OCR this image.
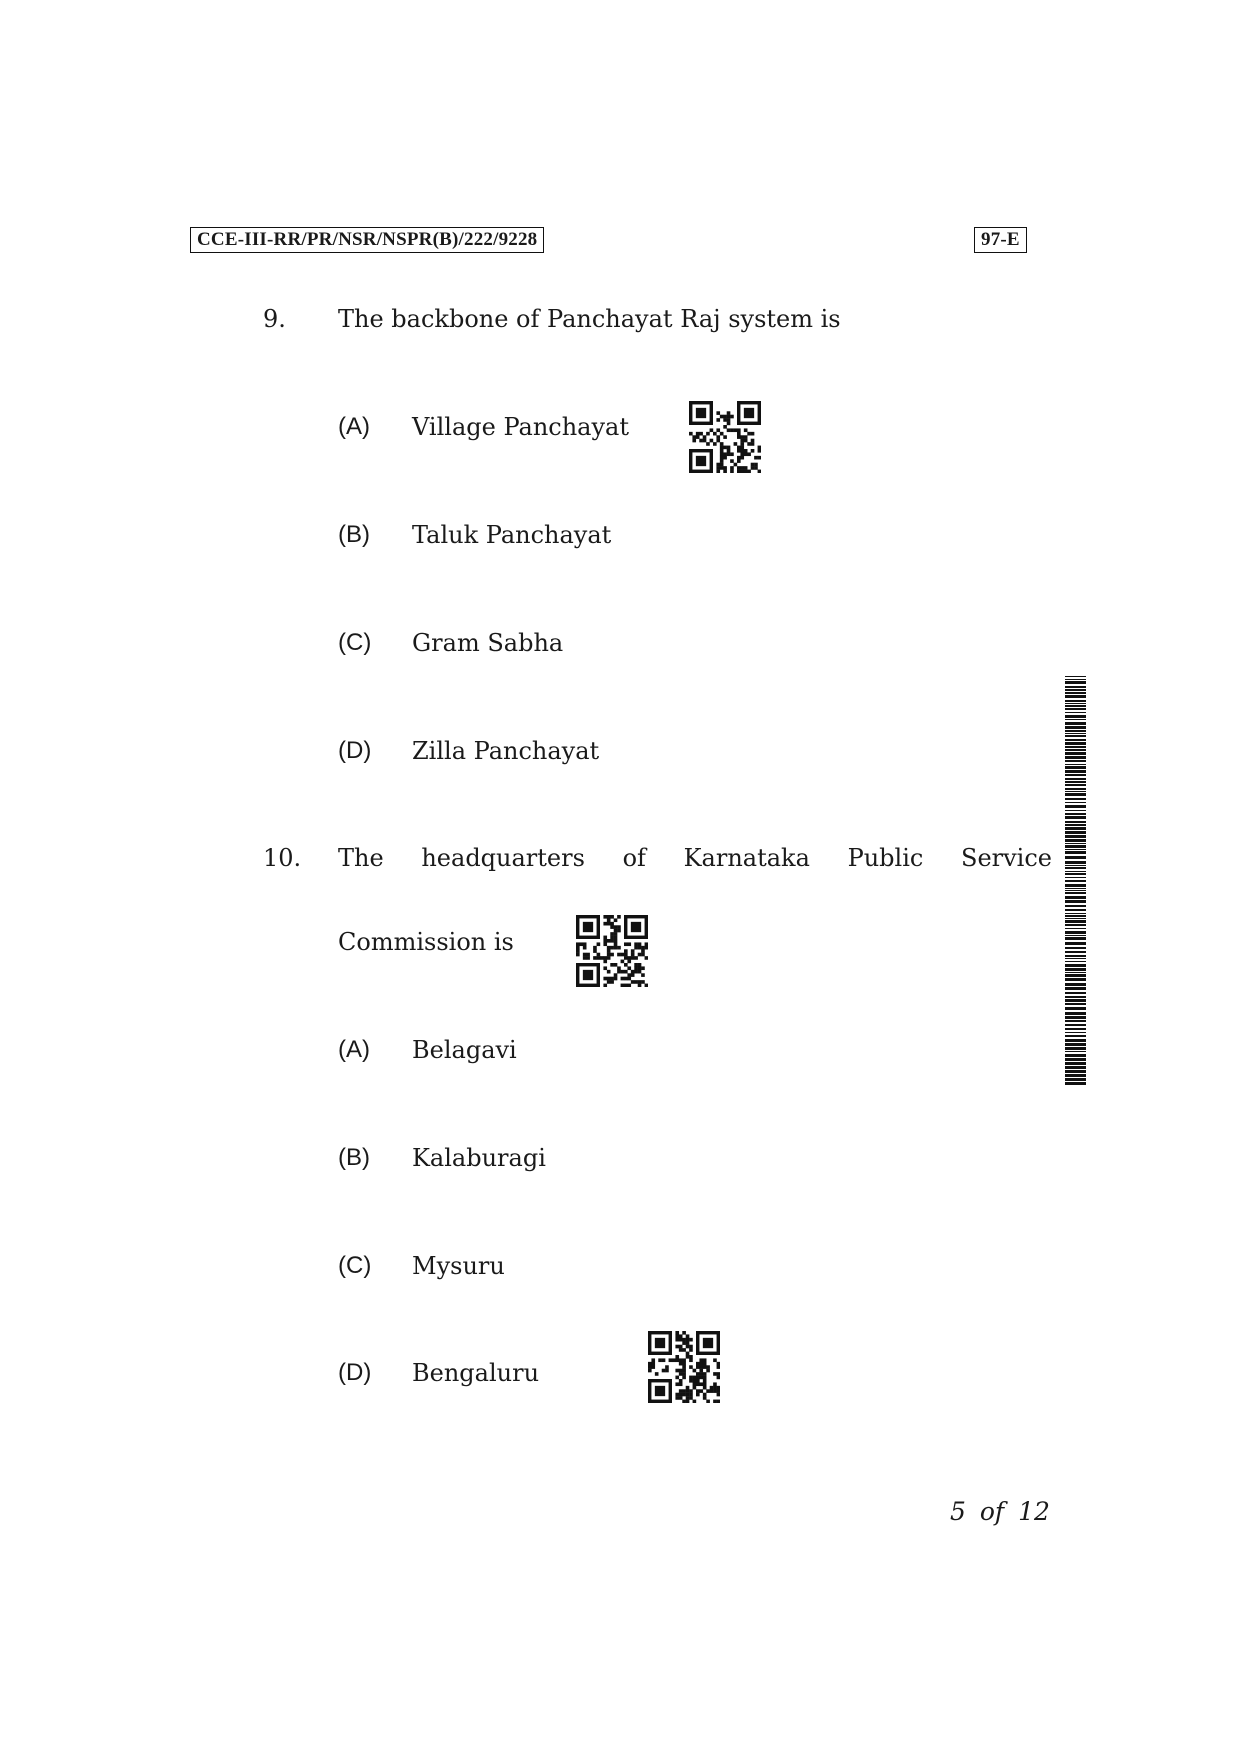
CCE-III-RR/PR/NSR/NSPR(B)/222/9228	97-E
9. The backbone of Panchayat Raj system is
(A) Village Panchayat
(B) Taluk Panchayat
(C) Gram Sabha
(D) Zilla Panchayat
10. The headquarters of Karnataka Public Service
Commission is
(A) Belagavi
(B) Kalaburagi
(C) Mysuru
(D) Bengaluru
5 of 12
